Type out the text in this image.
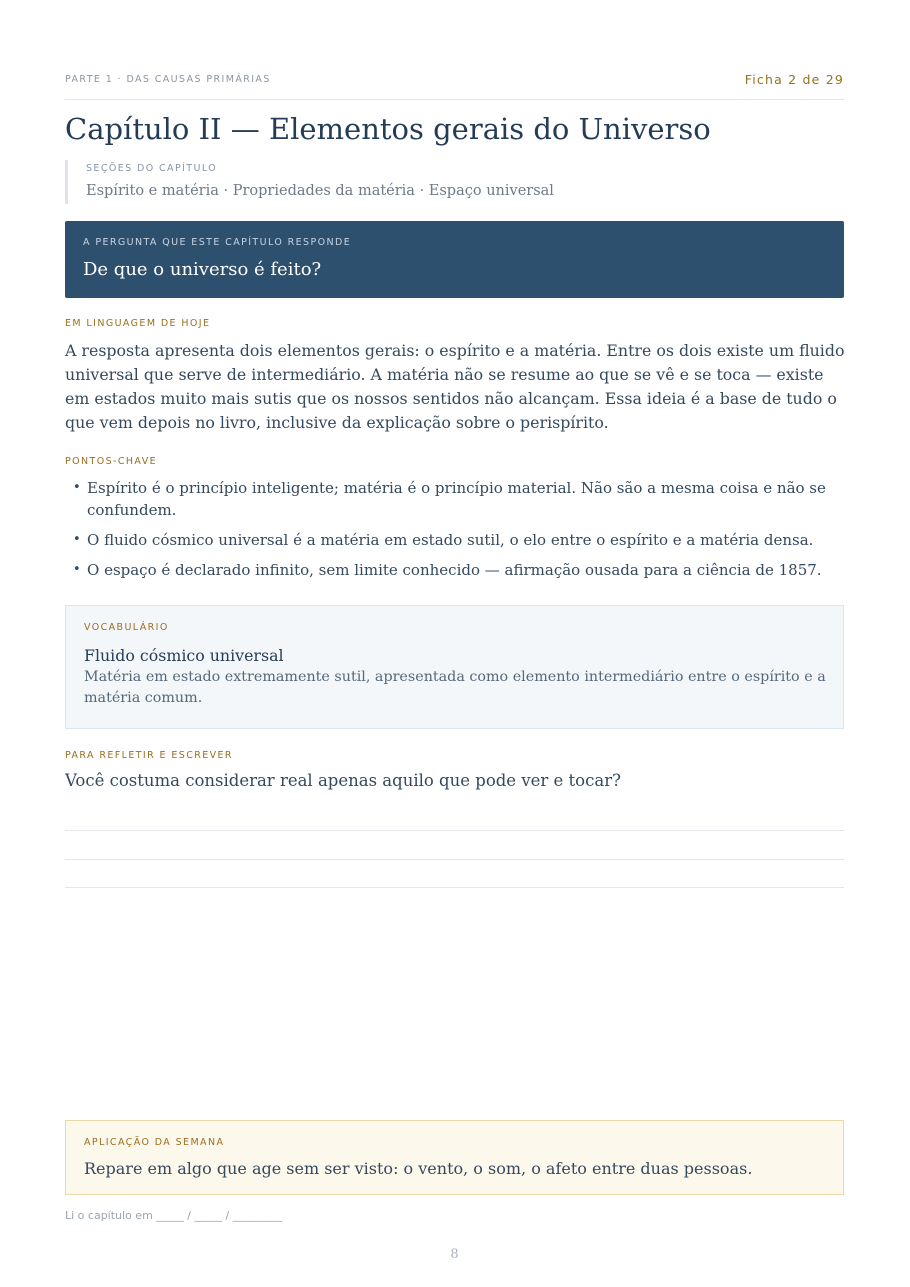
PARTE 1 · DAS CAUSAS PRIMÁRIAS	Ficha 2 de 29
Capítulo II — Elementos gerais do Universo
SEÇÕES DO CAPÍTULO
Espírito e matéria · Propriedades da matéria · Espaço universal
A PERGUNTA QUE ESTE CAPÍTULO RESPONDE
De que o universo é feito?
EM LINGUAGEM DE HOJE

A resposta apresenta dois elementos gerais: o espírito e a matéria. Entre os dois existe um fluido universal que serve de intermediário. A matéria não se resume ao que se vê e se toca — existe em estados muito mais sutis que os nossos sentidos não alcançam. Essa ideia é a base de tudo o que vem depois no livro, inclusive da explicação sobre o perispírito.

PONTOS-CHAVE
• Espírito é o princípio inteligente; matéria é o princípio material. Não são a mesma coisa e não se confundem.
• O fluido cósmico universal é a matéria em estado sutil, o elo entre o espírito e a matéria densa.
• O espaço é declarado infinito, sem limite conhecido — afirmação ousada para a ciência de 1857.
VOCABULÁRIO
Fluido cósmico universal

Matéria em estado extremamente sutil, apresentada como elemento intermediário entre o espírito e a matéria comum.

PARA REFLETIR E ESCREVER
Você costuma considerar real apenas aquilo que pode ver e tocar?
APLICAÇÃO DA SEMANA
Repare em algo que age sem ser visto: o vento, o som, o afeto entre duas pessoas.
Li o capítulo em _____ / _____ / _________
8
